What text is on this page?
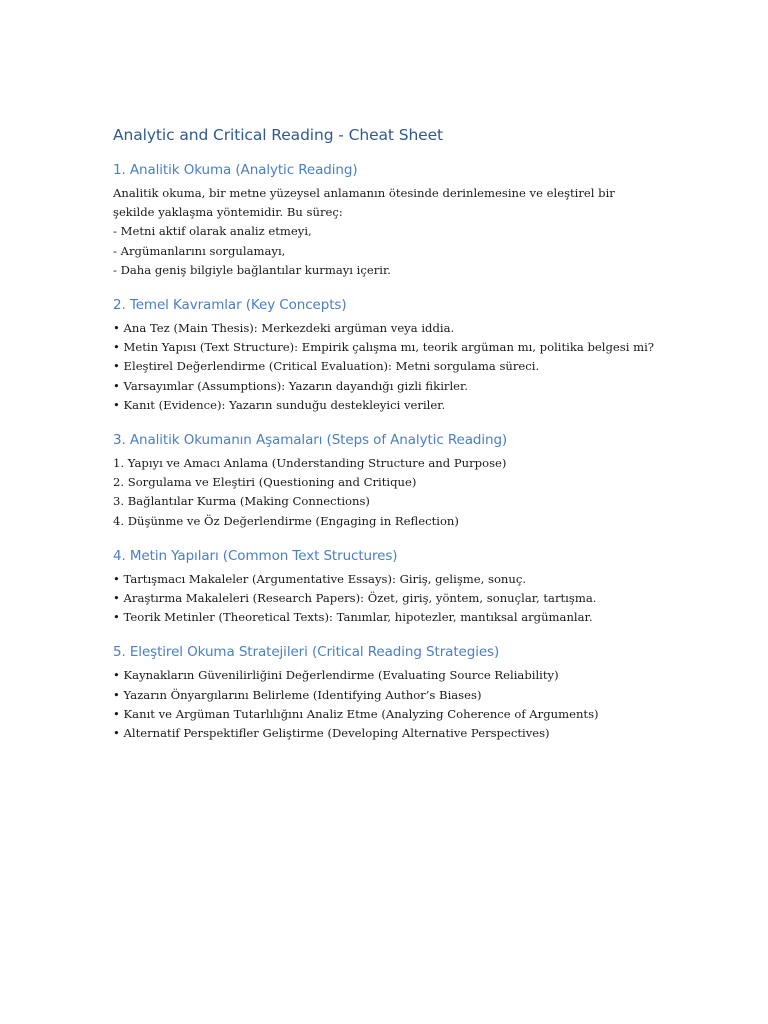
Analytic and Critical Reading - Cheat Sheet
1. Analitik Okuma (Analytic Reading)

Analitik okuma, bir metne yüzeysel anlamanın ötesinde derinlemesine ve eleştirel bir

şekilde yaklaşma yöntemidir. Bu süreç:

- Metni aktif olarak analiz etmeyi,

- Argümanlarını sorgulamayı,

- Daha geniş bilgiyle bağlantılar kurmayı içerir.

2. Temel Kavramlar (Key Concepts)

• Ana Tez (Main Thesis): Merkezdeki argüman veya iddia.

• Metin Yapısı (Text Structure): Empirik çalışma mı, teorik argüman mı, politika belgesi mi?

• Eleştirel Değerlendirme (Critical Evaluation): Metni sorgulama süreci.

• Varsayımlar (Assumptions): Yazarın dayandığı gizli fikirler.

• Kanıt (Evidence): Yazarın sunduğu destekleyici veriler.

3. Analitik Okumanın Aşamaları (Steps of Analytic Reading)

1. Yapıyı ve Amacı Anlama (Understanding Structure and Purpose)

2. Sorgulama ve Eleştiri (Questioning and Critique)

3. Bağlantılar Kurma (Making Connections)

4. Düşünme ve Öz Değerlendirme (Engaging in Reflection)

4. Metin Yapıları (Common Text Structures)

• Tartışmacı Makaleler (Argumentative Essays): Giriş, gelişme, sonuç.

• Araştırma Makaleleri (Research Papers): Özet, giriş, yöntem, sonuçlar, tartışma.

• Teorik Metinler (Theoretical Texts): Tanımlar, hipotezler, mantıksal argümanlar.

5. Eleştirel Okuma Stratejileri (Critical Reading Strategies)

• Kaynakların Güvenilirliğini Değerlendirme (Evaluating Source Reliability)

• Yazarın Önyargılarını Belirleme (Identifying Author’s Biases)

• Kanıt ve Argüman Tutarlılığını Analiz Etme (Analyzing Coherence of Arguments)

• Alternatif Perspektifler Geliştirme (Developing Alternative Perspectives)
